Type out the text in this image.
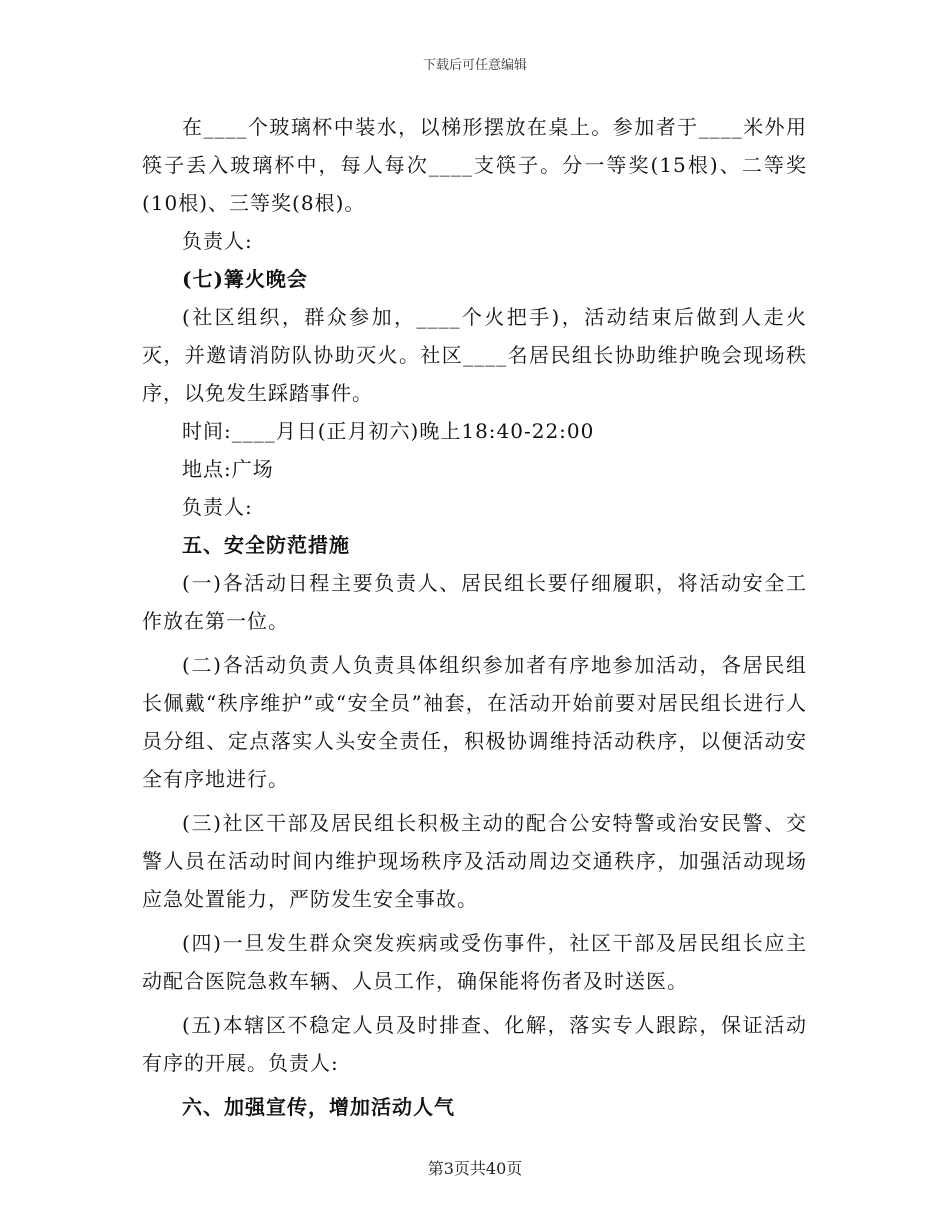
下载后可任意编辑

在____个玻璃杯中装水，以梯形摆放在桌上。参加者于____米外用筷子丢入玻璃杯中，每人每次____支筷子。分一等奖(15根)、二等奖(10根)、三等奖(8根)。

负责人:

(七)篝火晚会

(社区组织，群众参加，____个火把手)，活动结束后做到人走火灭，并邀请消防队协助灭火。社区____名居民组长协助维护晚会现场秩序，以免发生踩踏事件。

时间:____月日(正月初六)晚上18:40-22:00

地点:广场

负责人:

五、安全防范措施

(一)各活动日程主要负责人、居民组长要仔细履职，将活动安全工作放在第一位。

(二)各活动负责人负责具体组织参加者有序地参加活动，各居民组长佩戴“秩序维护”或“安全员”袖套，在活动开始前要对居民组长进行人员分组、定点落实人头安全责任，积极协调维持活动秩序，以便活动安全有序地进行。

(三)社区干部及居民组长积极主动的配合公安特警或治安民警、交警人员在活动时间内维护现场秩序及活动周边交通秩序，加强活动现场应急处置能力，严防发生安全事故。

(四)一旦发生群众突发疾病或受伤事件，社区干部及居民组长应主动配合医院急救车辆、人员工作，确保能将伤者及时送医。

(五)本辖区不稳定人员及时排查、化解，落实专人跟踪，保证活动有序的开展。负责人:

六、加强宣传，增加活动人气

第3页共40页
